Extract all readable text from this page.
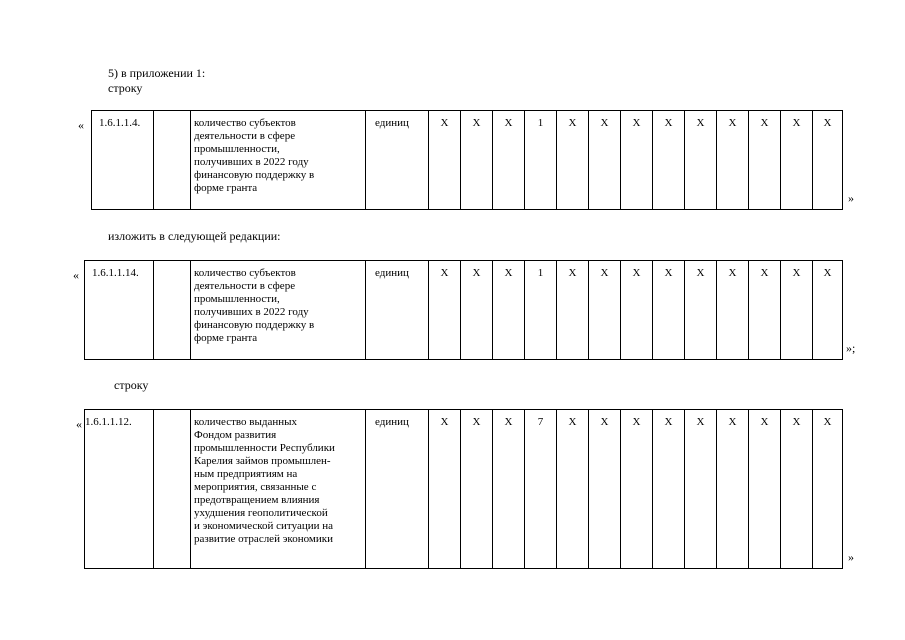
5) в приложении 1:
строку
« 1.6.1.1.4.		количество субъектов
деятельности в сфере
промышленности,
получивших в 2022 году
финансовую поддержку в
форме гранта
	единиц	X	X	X	1	X	X	X	X	X	X	X	X	X
»
изложить в следующей редакции:
« 1.6.1.1.14.		количество субъектов
деятельности в сфере
промышленности,
получивших в 2022 году
финансовую поддержку в
форме гранта
	единиц	X	X	X	1	X	X	X	X	X	X	X	X	X
»;
строку
« 1.6.1.1.12.		количество выданных
Фондом развития
промышленности Республики
Карелия займов промышлен-
ным предприятиям на
мероприятия, связанные с
предотвращением влияния
ухудшения геополитической
и экономической ситуации на
развитие отраслей экономики
	единиц	X	X	X	7	X	X	X	X	X	X	X	X	X
»
